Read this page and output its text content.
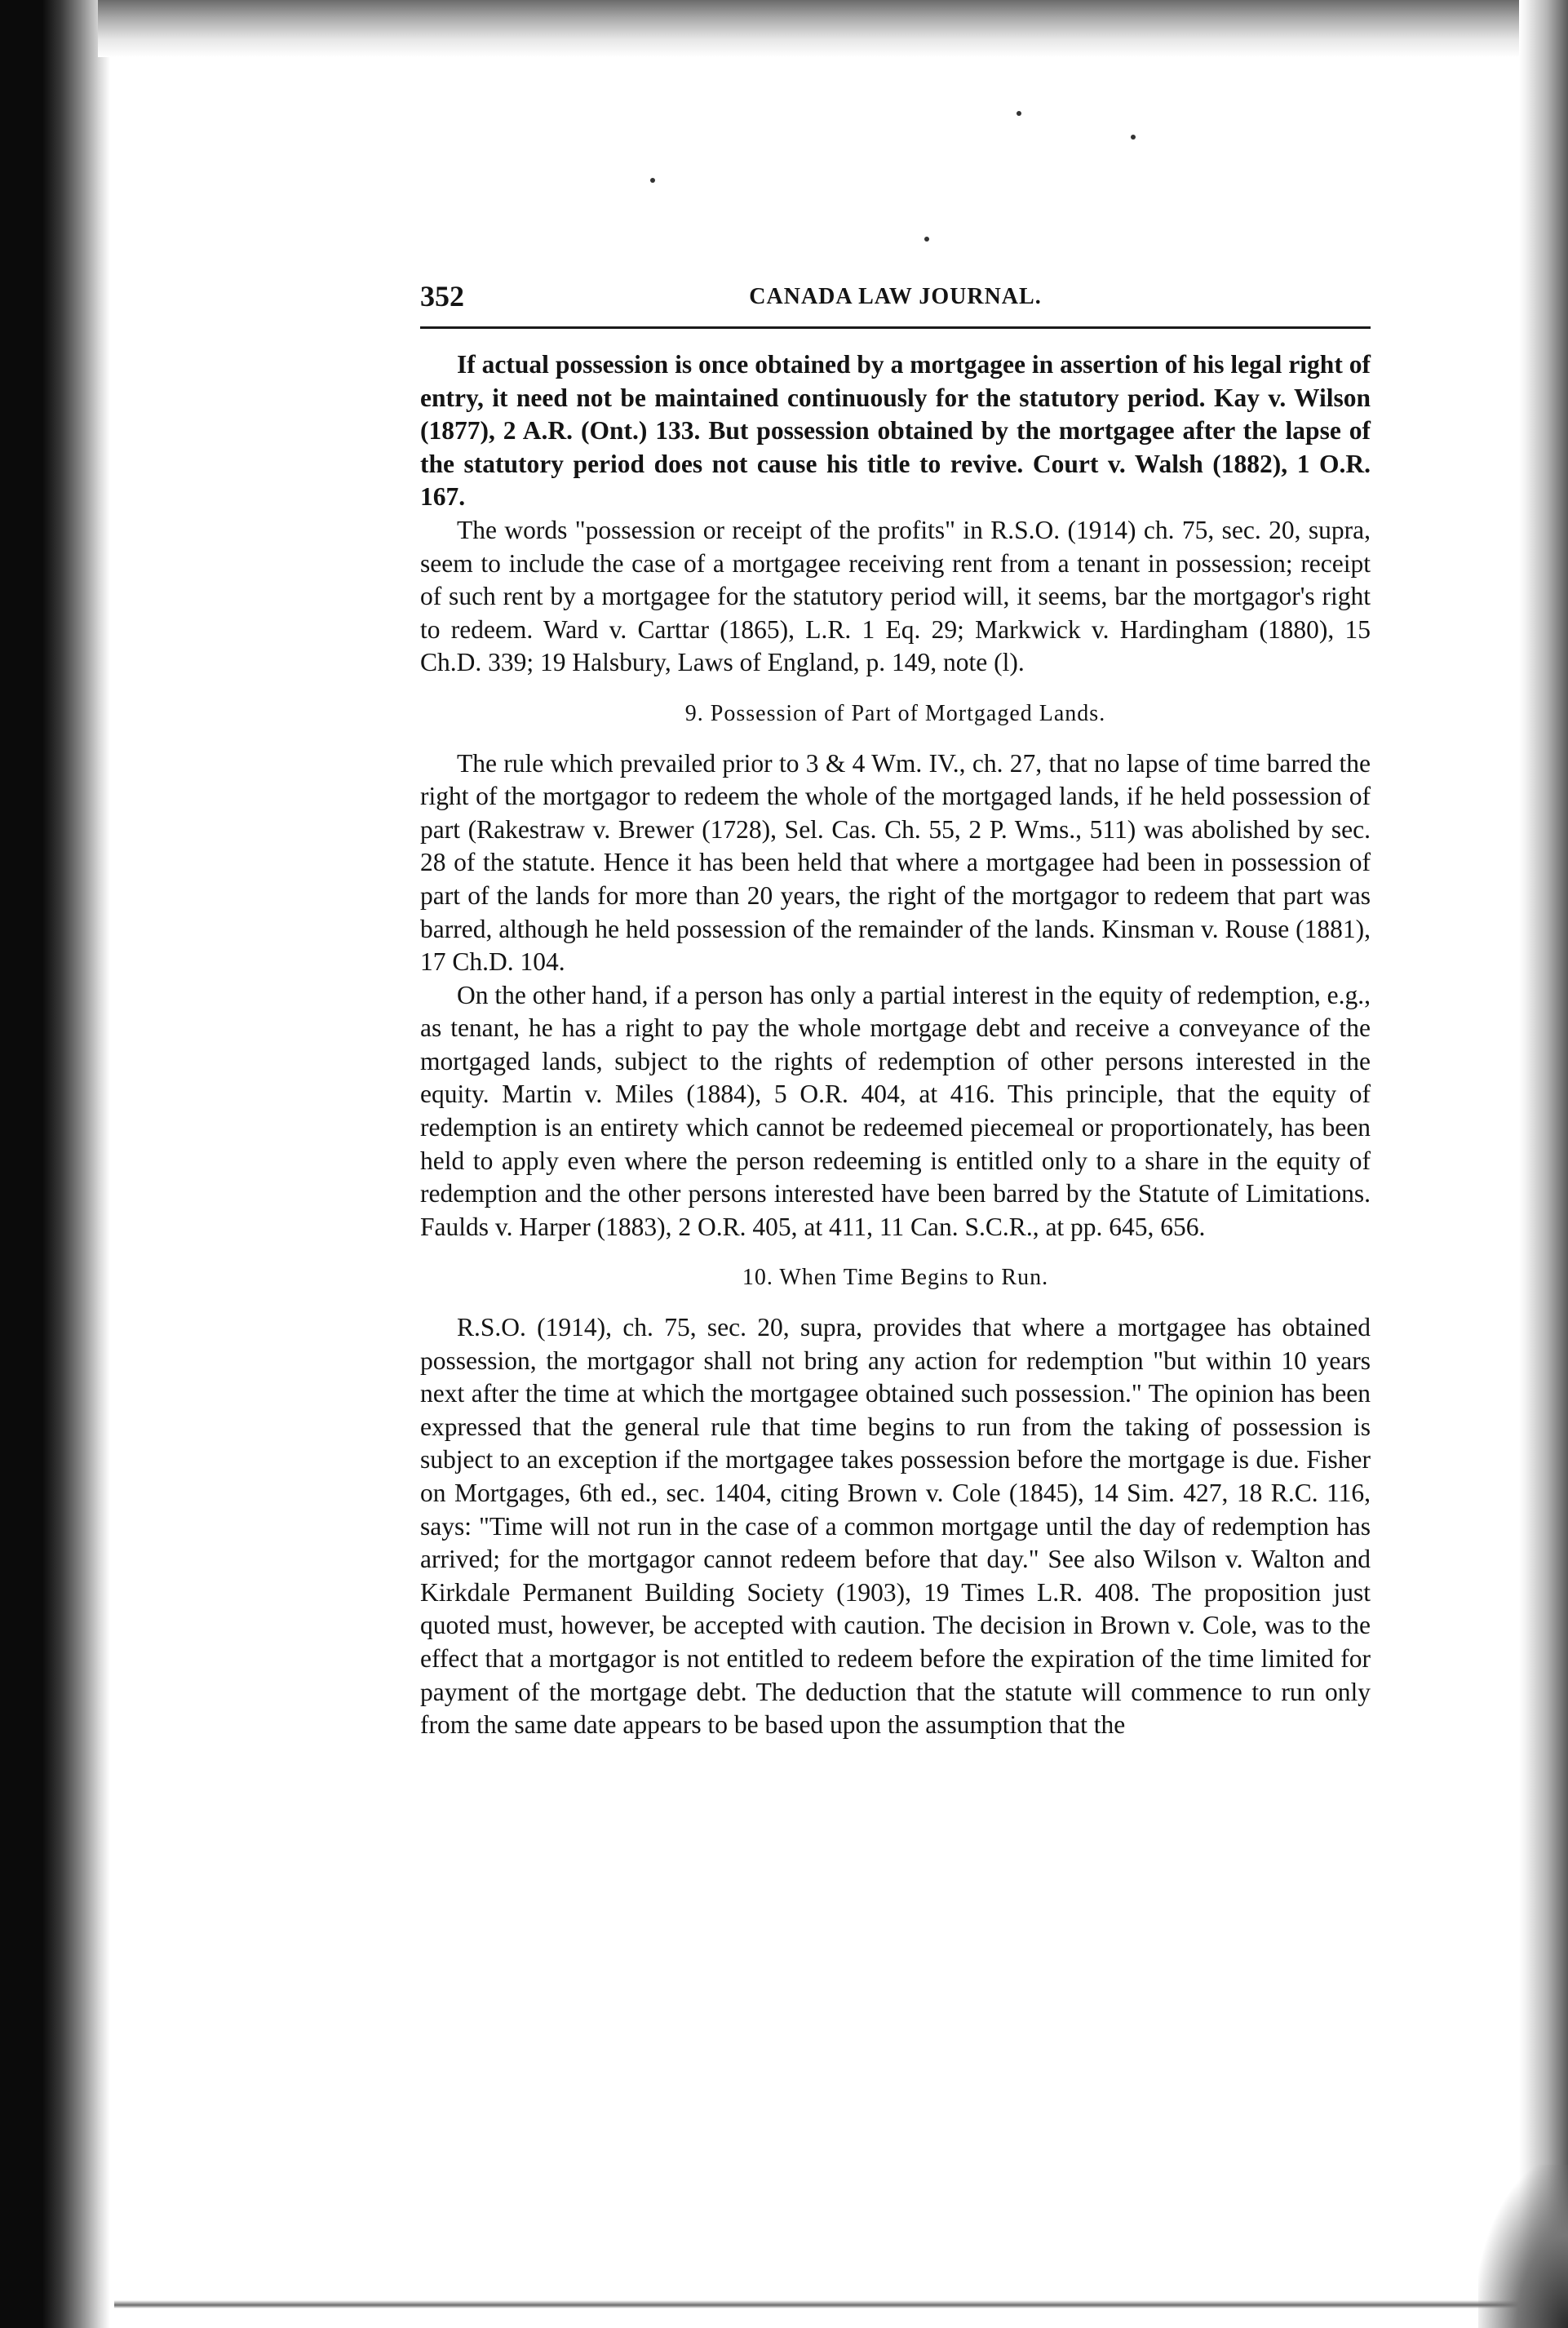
352	CANADA LAW JOURNAL.

If actual possession is once obtained by a mortgagee in assertion of his legal right of entry, it need not be maintained continuously for the statutory period. Kay v. Wilson (1877), 2 A.R. (Ont.) 133. But possession obtained by the mortgagee after the lapse of the statutory period does not cause his title to revive. Court v. Walsh (1882), 1 O.R. 167.

The words "possession or receipt of the profits" in R.S.O. (1914) ch. 75, sec. 20, supra, seem to include the case of a mortgagee receiving rent from a tenant in possession; receipt of such rent by a mortgagee for the statutory period will, it seems, bar the mortgagor's right to redeem. Ward v. Carttar (1865), L.R. 1 Eq. 29; Markwick v. Hardingham (1880), 15 Ch.D. 339; 19 Halsbury, Laws of England, p. 149, note (l).

9. Possession of Part of Mortgaged Lands.

The rule which prevailed prior to 3 & 4 Wm. IV., ch. 27, that no lapse of time barred the right of the mortgagor to redeem the whole of the mortgaged lands, if he held possession of part (Rakestraw v. Brewer (1728), Sel. Cas. Ch. 55, 2 P. Wms., 511) was abolished by sec. 28 of the statute. Hence it has been held that where a mortgagee had been in possession of part of the lands for more than 20 years, the right of the mortgagor to redeem that part was barred, although he held possession of the remainder of the lands. Kinsman v. Rouse (1881), 17 Ch.D. 104.

On the other hand, if a person has only a partial interest in the equity of redemption, e.g., as tenant, he has a right to pay the whole mortgage debt and receive a conveyance of the mortgaged lands, subject to the rights of redemption of other persons interested in the equity. Martin v. Miles (1884), 5 O.R. 404, at 416. This principle, that the equity of redemption is an entirety which cannot be redeemed piecemeal or proportionately, has been held to apply even where the person redeeming is entitled only to a share in the equity of redemption and the other persons interested have been barred by the Statute of Limitations. Faulds v. Harper (1883), 2 O.R. 405, at 411, 11 Can. S.C.R., at pp. 645, 656.

10. When Time Begins to Run.

R.S.O. (1914), ch. 75, sec. 20, supra, provides that where a mortgagee has obtained possession, the mortgagor shall not bring any action for redemption "but within 10 years next after the time at which the mortgagee obtained such possession." The opinion has been expressed that the general rule that time begins to run from the taking of possession is subject to an exception if the mortgagee takes possession before the mortgage is due. Fisher on Mortgages, 6th ed., sec. 1404, citing Brown v. Cole (1845), 14 Sim. 427, 18 R.C. 116, says: "Time will not run in the case of a common mortgage until the day of redemption has arrived; for the mortgagor cannot redeem before that day." See also Wilson v. Walton and Kirkdale Permanent Building Society (1903), 19 Times L.R. 408. The proposition just quoted must, however, be accepted with caution. The decision in Brown v. Cole, was to the effect that a mortgagor is not entitled to redeem before the expiration of the time limited for payment of the mortgage debt. The deduction that the statute will commence to run only from the same date appears to be based upon the assumption that the
